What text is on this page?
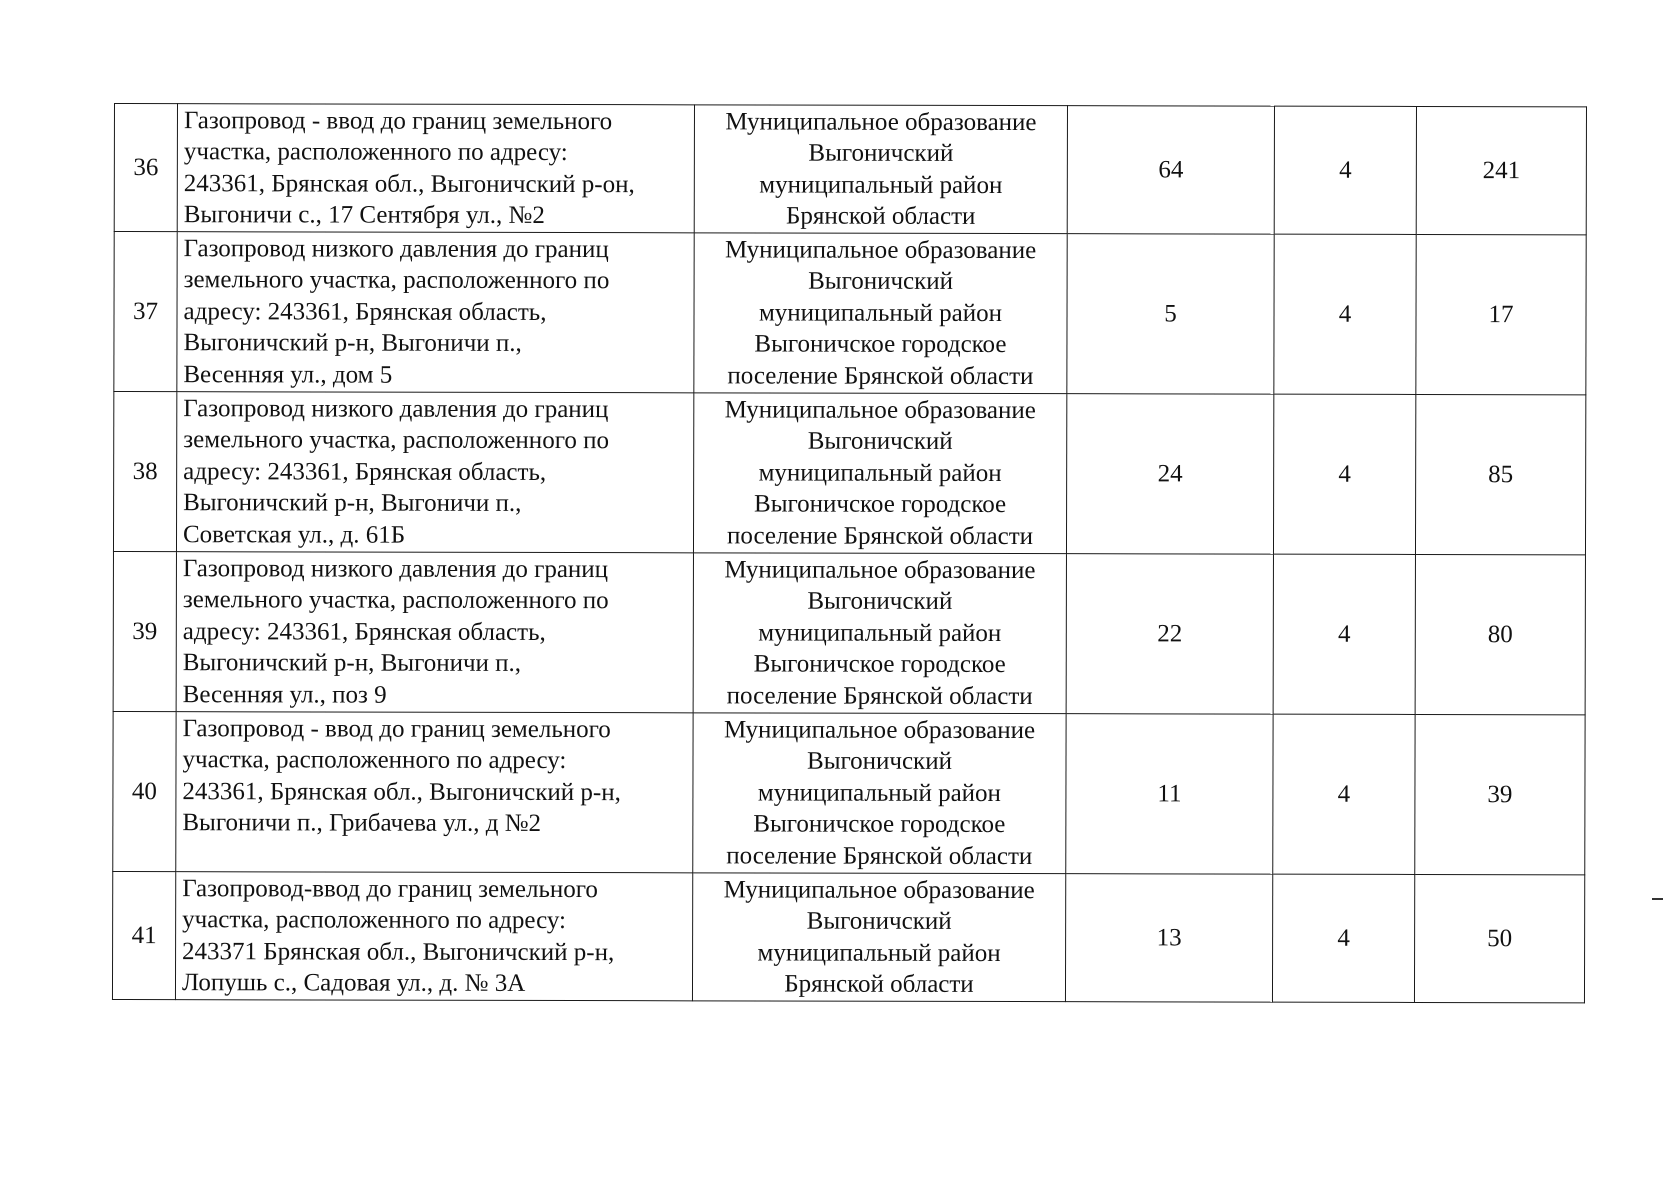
36	Газопровод - ввод до границ земельного
участка, расположенного по адресу:
243361, Брянская обл., Выгоничский р-он,
Выгоничи с., 17 Сентября ул., №2	Муниципальное образование
Выгоничский
муниципальный район
Брянской области	64	4	241
37	Газопровод низкого давления до границ
земельного участка, расположенного по
адресу: 243361, Брянская область,
Выгоничский р-н, Выгоничи п.,
Весенняя ул., дом 5	Муниципальное образование
Выгоничский
муниципальный район
Выгоничское городское
поселение Брянской области	5	4	17
38	Газопровод низкого давления до границ
земельного участка, расположенного по
адресу: 243361, Брянская область,
Выгоничский р-н, Выгоничи п.,
Советская ул., д. 61Б	Муниципальное образование
Выгоничский
муниципальный район
Выгоничское городское
поселение Брянской области	24	4	85
39	Газопровод низкого давления до границ
земельного участка, расположенного по
адресу: 243361, Брянская область,
Выгоничский р-н, Выгоничи п.,
Весенняя ул., поз 9	Муниципальное образование
Выгоничский
муниципальный район
Выгоничское городское
поселение Брянской области	22	4	80
40	Газопровод - ввод до границ земельного
участка, расположенного по адресу:
243361, Брянская обл., Выгоничский р-н,
Выгоничи п., Грибачева ул., д №2	Муниципальное образование
Выгоничский
муниципальный район
Выгоничское городское
поселение Брянской области	11	4	39
41	Газопровод-ввод до границ земельного
участка, расположенного по адресу:
243371 Брянская обл., Выгоничский р-н,
Лопушь с., Садовая ул., д. № 3А	Муниципальное образование
Выгоничский
муниципальный район
Брянской области	13	4	50
